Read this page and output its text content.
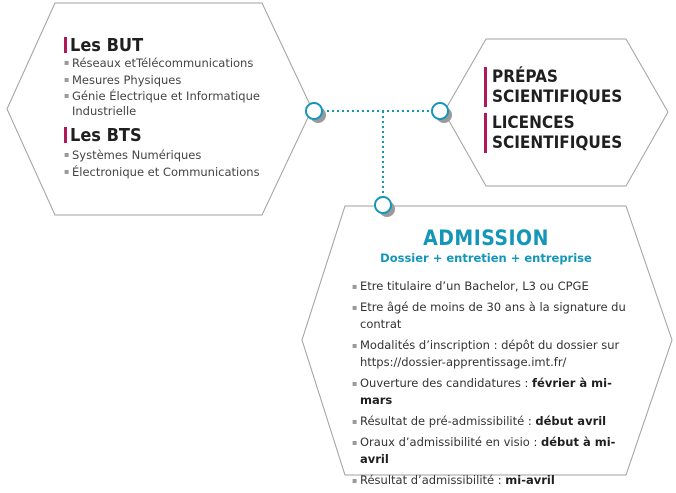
Les BUT
▪ Réseaux etTélécommunications
▪ Mesures Physiques
▪ Génie Électrique et Informatique
Industrielle
Les BTS
▪ Systèmes Numériques
▪ Électronique et Communications
PRÉPAS
SCIENTIFIQUES
LICENCES
SCIENTIFIQUES
ADMISSION
Dossier + entretien + entreprise
▪ Etre titulaire d’un Bachelor, L3 ou CPGE
▪ Etre âgé de moins de 30 ans à la signature du contrat
▪ Modalités d’inscription : dépôt du dossier sur https://dossier-apprentissage.imt.fr/
▪ Ouverture des candidatures : février à mi-mars
▪ Résultat de pré-admissibilité : début avril
▪ Oraux d’admissibilité en visio : début à mi-avril
▪ Résultat d’admissibilité : mi-avril
